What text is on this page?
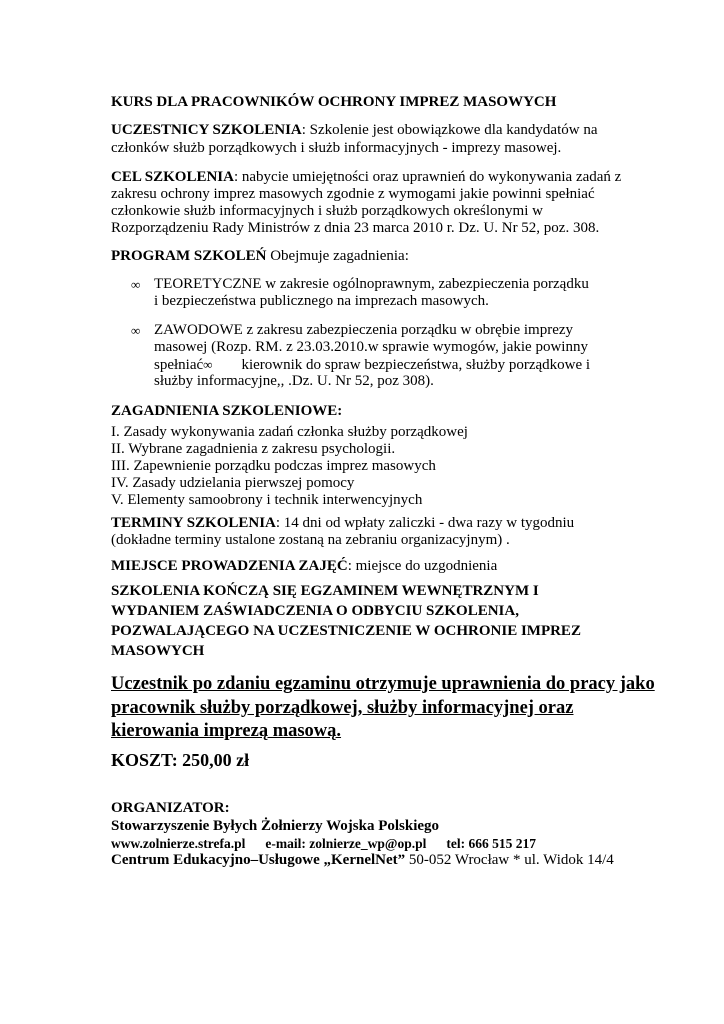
KURS DLA PRACOWNIKÓW OCHRONY IMPREZ MASOWYCH
UCZESTNICY SZKOLENIA: Szkolenie jest obowiązkowe dla kandydatów na
członków służb porządkowych i służb informacyjnych - imprezy masowej.
CEL SZKOLENIA: nabycie umiejętności oraz uprawnień do wykonywania zadań z
zakresu ochrony imprez masowych zgodnie z wymogami jakie powinni spełniać
członkowie służb informacyjnych i służb porządkowych określonymi w
Rozporządzeniu Rady Ministrów z dnia 23 marca 2010 r. Dz. U. Nr 52, poz. 308.
PROGRAM SZKOLEŃ Obejmuje zagadnienia:
∞ TEORETYCZNE w zakresie ogólnoprawnym, zabezpieczenia porządku
i bezpieczeństwa publicznego na imprezach masowych.
∞ ZAWODOWE z zakresu zabezpieczenia porządku w obrębie imprezy
masowej (Rozp. RM. z 23.03.2010.w sprawie wymogów, jakie powinny
spełniać∞ kierownik do spraw bezpieczeństwa, służby porządkowe i
służby informacyjne,, .Dz. U. Nr 52, poz 308).
ZAGADNIENIA SZKOLENIOWE:
I. Zasady wykonywania zadań członka służby porządkowej
II. Wybrane zagadnienia z zakresu psychologii.
III. Zapewnienie porządku podczas imprez masowych
IV. Zasady udzielania pierwszej pomocy
V. Elementy samoobrony i technik interwencyjnych
TERMINY SZKOLENIA: 14 dni od wpłaty zaliczki - dwa razy w tygodniu
(dokładne terminy ustalone zostaną na zebraniu organizacyjnym) .
MIEJSCE PROWADZENIA ZAJĘĆ: miejsce do uzgodnienia
SZKOLENIA KOŃCZĄ SIĘ EGZAMINEM WEWNĘTRZNYM I
WYDANIEM ZAŚWIADCZENIA O ODBYCIU SZKOLENIA,
POZWALAJĄCEGO NA UCZESTNICZENIE W OCHRONIE IMPREZ
MASOWYCH
Uczestnik po zdaniu egzaminu otrzymuje uprawnienia do pracy jako
pracownik służby porządkowej, służby informacyjnej oraz
kierowania imprezą masową.
KOSZT: 250,00 zł
ORGANIZATOR:
Stowarzyszenie Byłych Żołnierzy Wojska Polskiego
www.zolnierze.strefa.pl e-mail: zolnierze_wp@op.pl tel: 666 515 217
Centrum Edukacyjno–Usługowe „KernelNet” 50-052 Wrocław * ul. Widok 14/4
